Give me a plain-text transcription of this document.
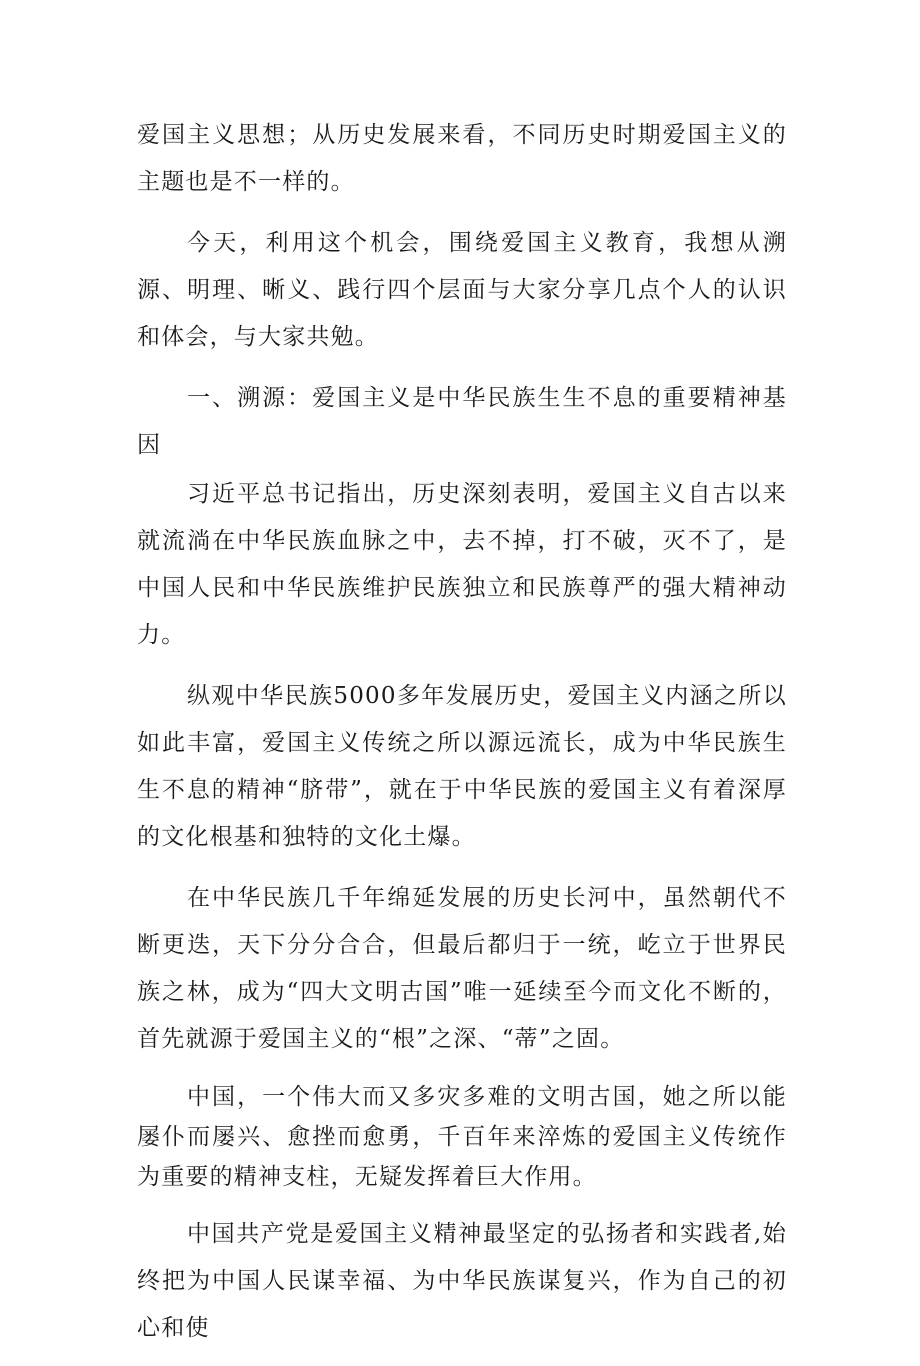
爱国主义思想；从历史发展来看，不同历史时期爱国主义的主题也是不一样的。

今天，利用这个机会，围绕爱国主义教育，我想从溯源、明理、晰义、践行四个层面与大家分享几点个人的认识和体会，与大家共勉。

一、溯源：爱国主义是中华民族生生不息的重要精神基因

习近平总书记指出，历史深刻表明，爱国主义自古以来就流淌在中华民族血脉之中，去不掉，打不破，灭不了，是中国人民和中华民族维护民族独立和民族尊严的强大精神动力。

纵观中华民族5000多年发展历史，爱国主义内涵之所以如此丰富，爱国主义传统之所以源远流长，成为中华民族生生不息的精神“脐带”，就在于中华民族的爱国主义有着深厚的文化根基和独特的文化土爆。

在中华民族几千年绵延发展的历史长河中，虽然朝代不断更迭，天下分分合合，但最后都归于一统，屹立于世界民族之林，成为“四大文明古国”唯一延续至今而文化不断的，首先就源于爱国主义的“根”之深、“蒂”之固。

中国，一个伟大而又多灾多难的文明古国，她之所以能屡仆而屡兴、愈挫而愈勇，千百年来淬炼的爱国主义传统作为重要的精神支柱，无疑发挥着巨大作用。

中国共产党是爱国主义精神最坚定的弘扬者和实践者,始终把为中国人民谋幸福、为中华民族谋复兴，作为自己的初心和使
